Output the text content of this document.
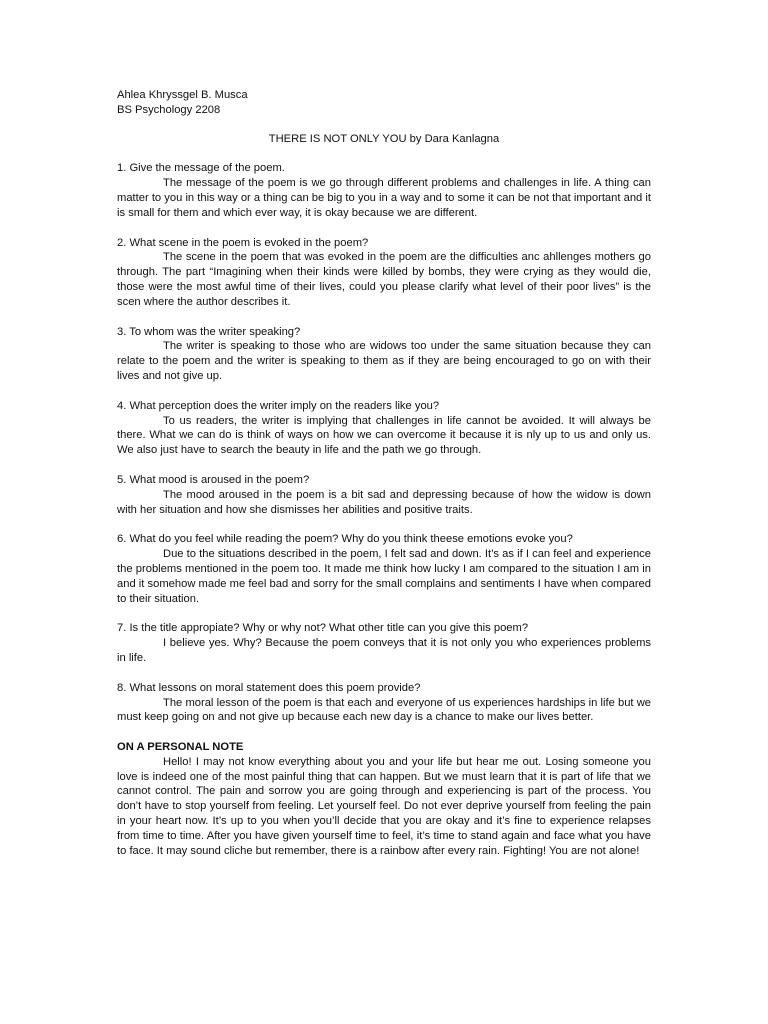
Ahlea Khryssgel B. Musca
BS Psychology 2208
THERE IS NOT ONLY YOU by Dara Kanlagna
1. Give the message of the poem.
The message of the poem is we go through different problems and challenges in life. A thing can matter to you in this way or a thing can be big to you in a way and to some it can be not that important and it is small for them and which ever way, it is okay because we are different.
2. What scene in the poem is evoked in the poem?
The scene in the poem that was evoked in the poem are the difficulties anc ahllenges mothers go through. The part “Imagining when their kinds were killed by bombs, they were crying as they would die, those were the most awful time of their lives, could you please clarify what level of their poor lives” is the scen where the author describes it.
3. To whom was the writer speaking?
The writer is speaking to those who are widows too under the same situation because they can relate to the poem and the writer is speaking to them as if they are being encouraged to go on with their lives and not give up.
4. What perception does the writer imply on the readers like you?
To us readers, the writer is implying that challenges in life cannot be avoided. It will always be there. What we can do is think of ways on how we can overcome it because it is nly up to us and only us. We also just have to search the beauty in life and the path we go through.
5. What mood is aroused in the poem?
The mood aroused in the poem is a bit sad and depressing because of how the widow is down with her situation and how she dismisses her abilities and positive traits.
6. What do you feel while reading the poem? Why do you think theese emotions evoke you?
Due to the situations described in the poem, I felt sad and down. It’s as if I can feel and experience the problems mentioned in the poem too. It made me think how lucky I am compared to the situation I am in and it somehow made me feel bad and sorry for the small complains and sentiments I have when compared to their situation.
7. Is the title appropiate? Why or why not? What other title can you give this poem?
I believe yes. Why? Because the poem conveys that it is not only you who experiences problems in life.
8. What lessons on moral statement does this poem provide?
The moral lesson of the poem is that each and everyone of us experiences hardships in life but we must keep going on and not give up because each new day is a chance to make our lives better.
ON A PERSONAL NOTE
Hello! I may not know everything about you and your life but hear me out. Losing someone you love is indeed one of the most painful thing that can happen. But we must learn that it is part of life that we cannot control. The pain and sorrow you are going through and experiencing is part of the process. You don’t have to stop yourself from feeling. Let yourself feel. Do not ever deprive yourself from feeling the pain in your heart now. It’s up to you when you’ll decide that you are okay and it’s fine to experience relapses from time to time. After you have given yourself time to feel, it’s time to stand again and face what you have to face. It may sound cliche but remember, there is a rainbow after every rain. Fighting! You are not alone!
